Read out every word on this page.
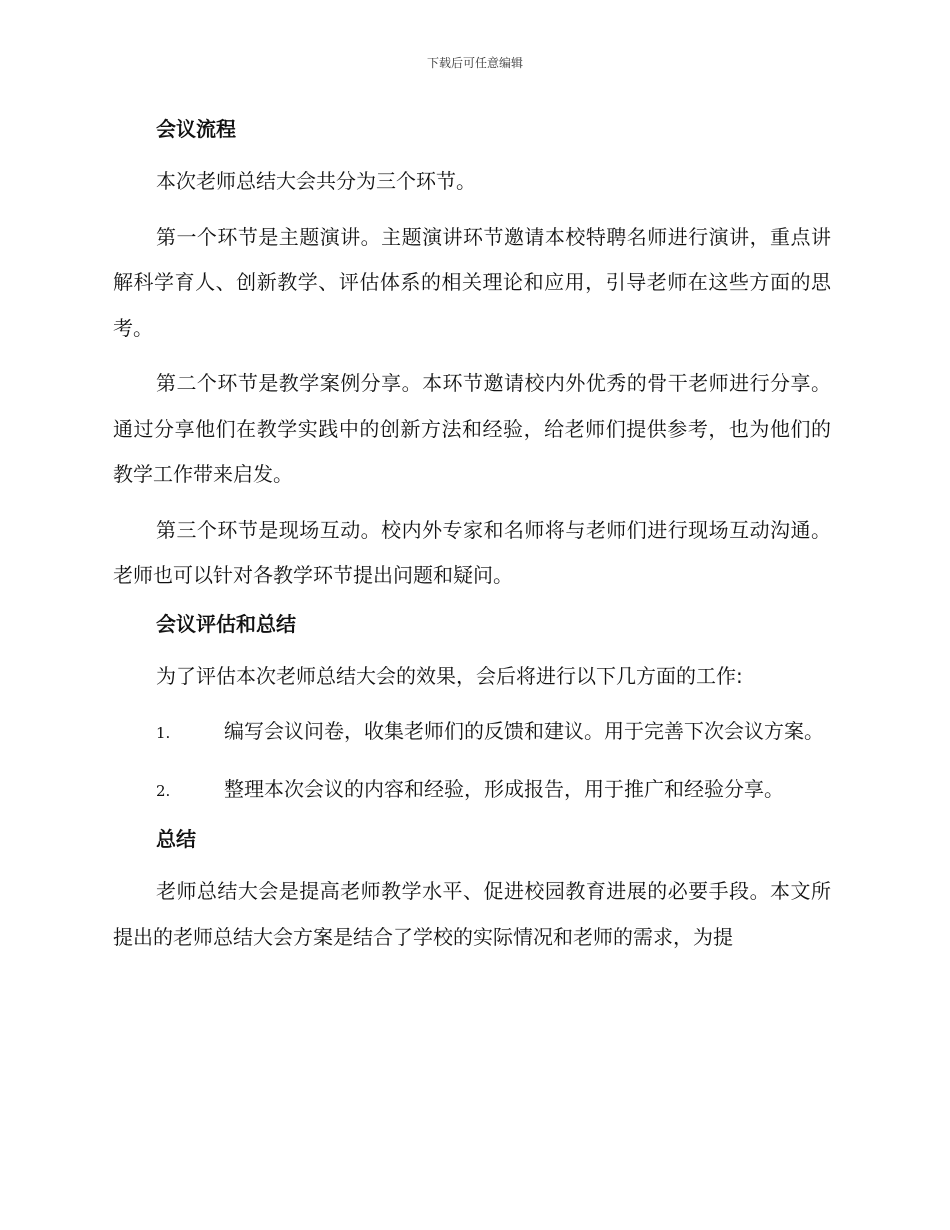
下载后可任意编辑
会议流程

本次老师总结大会共分为三个环节。

第一个环节是主题演讲。主题演讲环节邀请本校特聘名师进行演讲，重点讲解科学育人、创新教学、评估体系的相关理论和应用，引导老师在这些方面的思考。

第二个环节是教学案例分享。本环节邀请校内外优秀的骨干老师进行分享。通过分享他们在教学实践中的创新方法和经验，给老师们提供参考，也为他们的教学工作带来启发。

第三个环节是现场互动。校内外专家和名师将与老师们进行现场互动沟通。老师也可以针对各教学环节提出问题和疑问。

会议评估和总结

为了评估本次老师总结大会的效果，会后将进行以下几方面的工作:

1.	编写会议问卷，收集老师们的反馈和建议。用于完善下次会议方案。

2.	整理本次会议的内容和经验，形成报告，用于推广和经验分享。

总结

老师总结大会是提高老师教学水平、促进校园教育进展的必要手段。本文所提出的老师总结大会方案是结合了学校的实际情况和老师的需求，为提
